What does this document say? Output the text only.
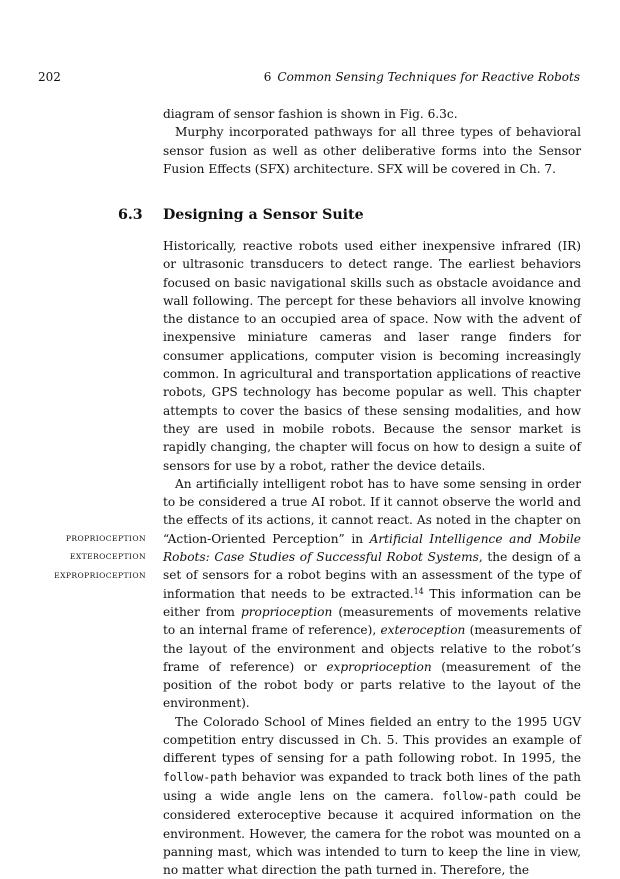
202	6 Common Sensing Techniques for Reactive Robots

diagram of sensor fashion is shown in Fig. 6.3c.

Murphy incorporated pathways for all three types of behavioral sensor fusion as well as other deliberative forms into the Sensor Fusion Effects (SFX) architecture. SFX will be covered in Ch. 7.

6.3 Designing a Sensor Suite

Historically, reactive robots used either inexpensive infrared (IR) or ultrasonic transducers to detect range. The earliest behaviors focused on basic navigational skills such as obstacle avoidance and wall following. The percept for these behaviors all involve knowing the distance to an occupied area of space. Now with the advent of inexpensive miniature cameras and laser range finders for consumer applications, computer vision is becoming increasingly common. In agricultural and transportation applications of reactive robots, GPS technology has become popular as well. This chapter attempts to cover the basics of these sensing modalities, and how they are used in mobile robots. Because the sensor market is rapidly changing, the chapter will focus on how to design a suite of sensors for use by a robot, rather the device details.

An artificially intelligent robot has to have some sensing in order to be considered a true AI robot. If it cannot observe the world and the effects of its actions, it cannot react. As noted in the chapter on “Action-Oriented Perception” in Artificial Intelligence and Mobile Robots: Case Studies of Successful Robot Systems, the design of a set of sensors for a robot begins with an assessment of the type of information that needs to be extracted.$^{14}$ This information can be either from proprioception (measurements of movements relative to an internal frame of reference), exteroception (measurements of the layout of the environment and objects relative to the robot’s frame of reference) or exproprioception (measurement of the position of the robot body or parts relative to the layout of the environment).

The Colorado School of Mines fielded an entry to the 1995 UGV competition entry discussed in Ch. 5. This provides an example of different types of sensing for a path following robot. In 1995, the follow-path behavior was expanded to track both lines of the path using a wide angle lens on the camera. follow-path could be considered exteroceptive because it acquired information on the environment. However, the camera for the robot was mounted on a panning mast, which was intended to turn to keep the line in view, no matter what direction the path turned in. Therefore, the

PROPRIOCEPTION
EXTEROCEPTION
EXPROPRIOCEPTION
